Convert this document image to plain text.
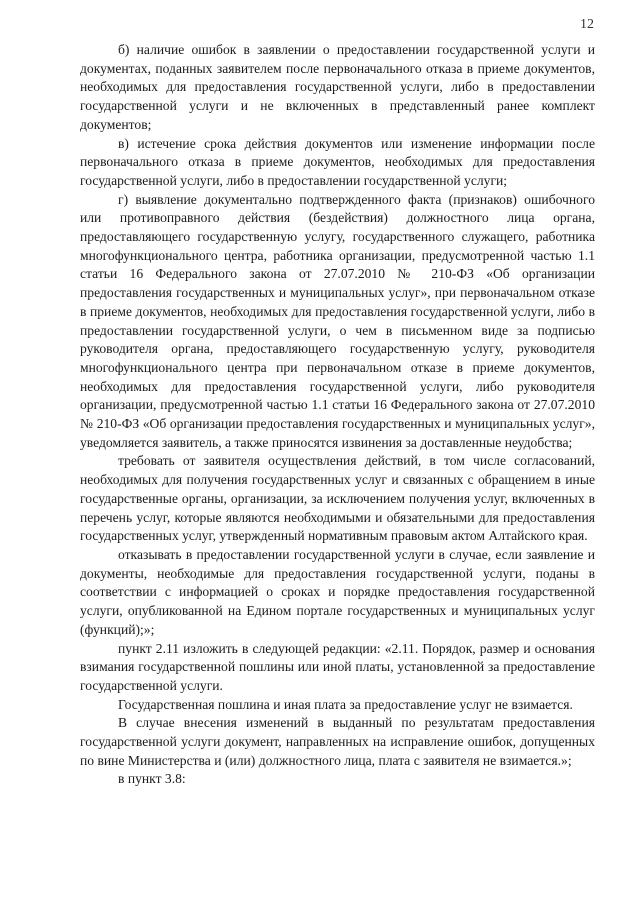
12

б) наличие ошибок в заявлении о предоставлении государственной услуги и документах, поданных заявителем после первоначального отказа в приеме документов, необходимых для предоставления государственной услуги, либо в предоставлении государственной услуги и не включенных в представленный ранее комплект документов;

в) истечение срока действия документов или изменение информации после первоначального отказа в приеме документов, необходимых для предоставления государственной услуги, либо в предоставлении государственной услуги;

г) выявление документально подтвержденного факта (признаков) ошибочного или противоправного действия (бездействия) должностного лица органа, предоставляющего государственную услугу, государственного служащего, работника многофункционального центра, работника организации, предусмотренной частью 1.1 статьи 16 Федерального закона от 27.07.2010 № 210-ФЗ «Об организации предоставления государственных и муниципальных услуг», при первоначальном отказе в приеме документов, необходимых для предоставления государственной услуги, либо в предоставлении государственной услуги, о чем в письменном виде за подписью руководителя органа, предоставляющего государственную услугу, руководителя многофункционального центра при первоначальном отказе в приеме документов, необходимых для предоставления государственной услуги, либо руководителя организации, предусмотренной частью 1.1 статьи 16 Федерального закона от 27.07.2010 № 210-ФЗ «Об организации предоставления государственных и муниципальных услуг», уведомляется заявитель, а также приносятся извинения за доставленные неудобства;

требовать от заявителя осуществления действий, в том числе согласований, необходимых для получения государственных услуг и связанных с обращением в иные государственные органы, организации, за исключением получения услуг, включенных в перечень услуг, которые являются необходимыми и обязательными для предоставления государственных услуг, утвержденный нормативным правовым актом Алтайского края.

отказывать в предоставлении государственной услуги в случае, если заявление и документы, необходимые для предоставления государственной услуги, поданы в соответствии с информацией о сроках и порядке предоставления государственной услуги, опубликованной на Едином портале государственных и муниципальных услуг (функций);»;

пункт 2.11 изложить в следующей редакции: «2.11. Порядок, размер и основания взимания государственной пошлины или иной платы, установленной за предоставление государственной услуги.

Государственная пошлина и иная плата за предоставление услуг не взимается.

В случае внесения изменений в выданный по результатам предоставления государственной услуги документ, направленных на исправление ошибок, допущенных по вине Министерства и (или) должностного лица, плата с заявителя не взимается.»;

в пункт 3.8:
